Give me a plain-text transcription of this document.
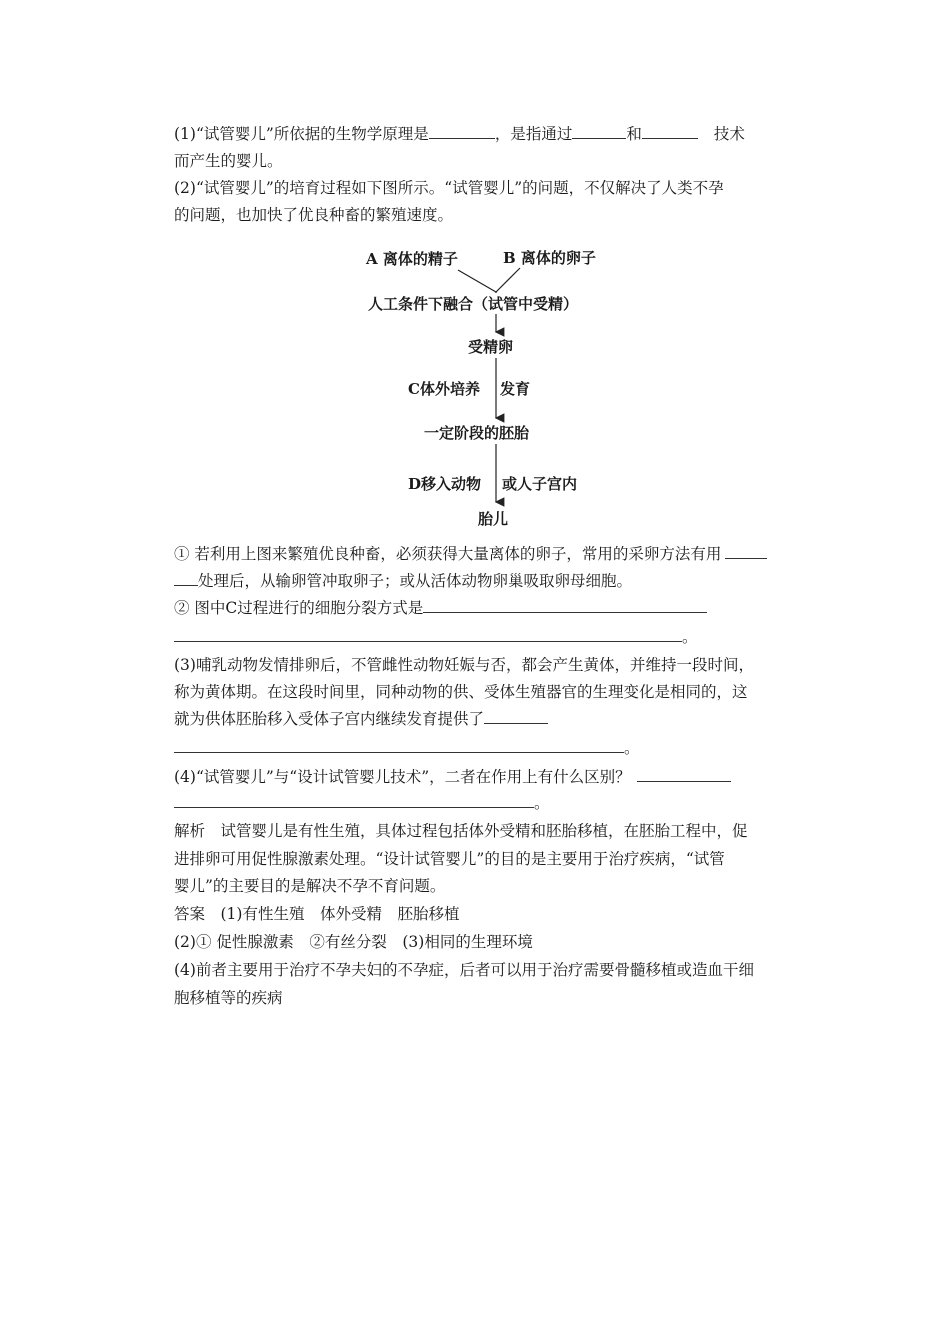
(1)“试管婴儿”所依据的生物学原理是	，是指通过	和	技术
而产生的婴儿。
(2)“试管婴儿”的培育过程如下图所示。“试管婴儿”的问题，不仅解决了人类不孕
的问题，也加快了优良种畜的繁殖速度。
A 离体的精子	B 离体的卵子
人工条件下融合（试管中受精）
受精卵
C体外培养 发育
一定阶段的胚胎
D移入动物 或人子宫内
胎儿
① 若利用上图来繁殖优良种畜，必须获得大量离体的卵子，常用的采卵方法有用
处理后，从输卵管冲取卵子；或从活体动物卵巢吸取卵母细胞。
② 图中C过程进行的细胞分裂方式是
。
(3)哺乳动物发情排卵后，不管雌性动物妊娠与否，都会产生黄体，并维持一段时间，
称为黄体期。在这段时间里，同种动物的供、受体生殖器官的生理变化是相同的，这
就为供体胚胎移入受体子宫内继续发育提供了
。
(4)“试管婴儿”与“设计试管婴儿技术”，二者在作用上有什么区别？
。
解析　试管婴儿是有性生殖，具体过程包括体外受精和胚胎移植，在胚胎工程中，促
进排卵可用促性腺激素处理。“设计试管婴儿”的目的是主要用于治疗疾病，“试管
婴儿”的主要目的是解决不孕不育问题。
答案　(1)有性生殖　体外受精　胚胎移植
(2)① 促性腺激素　②有丝分裂　(3)相同的生理环境
(4)前者主要用于治疗不孕夫妇的不孕症，后者可以用于治疗需要骨髓移植或造血干细
胞移植等的疾病
